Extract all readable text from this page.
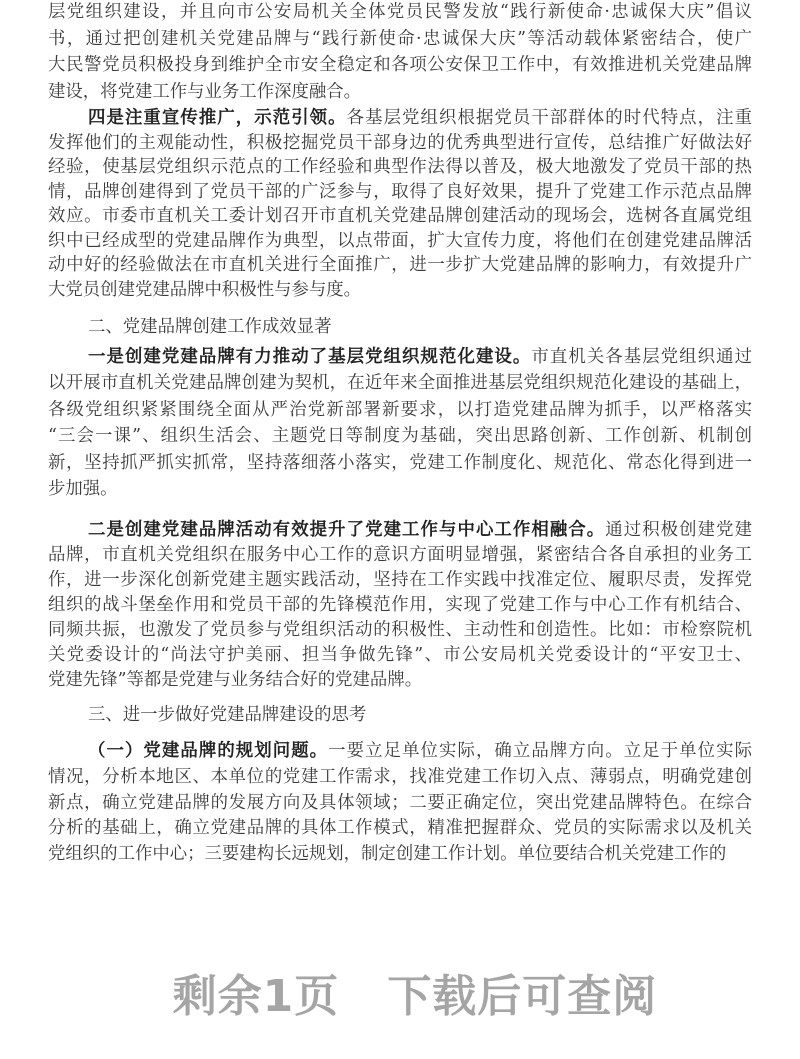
层党组织建设，并且向市公安局机关全体党员民警发放“践行新使命·忠诚保大庆”倡议
书，通过把创建机关党建品牌与“践行新使命·忠诚保大庆”等活动载体紧密结合，使广
大民警党员积极投身到维护全市安全稳定和各项公安保卫工作中，有效推进机关党建品牌
建设，将党建工作与业务工作深度融合。
四是注重宣传推广，示范引领。各基层党组织根据党员干部群体的时代特点，注重
发挥他们的主观能动性，积极挖掘党员干部身边的优秀典型进行宣传，总结推广好做法好
经验，使基层党组织示范点的工作经验和典型作法得以普及，极大地激发了党员干部的热
情，品牌创建得到了党员干部的广泛参与，取得了良好效果，提升了党建工作示范点品牌
效应。市委市直机关工委计划召开市直机关党建品牌创建活动的现场会，选树各直属党组
织中已经成型的党建品牌作为典型，以点带面，扩大宣传力度，将他们在创建党建品牌活
动中好的经验做法在市直机关进行全面推广，进一步扩大党建品牌的影响力，有效提升广
大党员创建党建品牌中积极性与参与度。
二、党建品牌创建工作成效显著
一是创建党建品牌有力推动了基层党组织规范化建设。市直机关各基层党组织通过
以开展市直机关党建品牌创建为契机，在近年来全面推进基层党组织规范化建设的基础上，
各级党组织紧紧围绕全面从严治党新部署新要求，以打造党建品牌为抓手，以严格落实
“三会一课”、组织生活会、主题党日等制度为基础，突出思路创新、工作创新、机制创
新，坚持抓严抓实抓常，坚持落细落小落实，党建工作制度化、规范化、常态化得到进一
步加强。
二是创建党建品牌活动有效提升了党建工作与中心工作相融合。通过积极创建党建
品牌，市直机关党组织在服务中心工作的意识方面明显增强，紧密结合各自承担的业务工
作，进一步深化创新党建主题实践活动，坚持在工作实践中找准定位、履职尽责，发挥党
组织的战斗堡垒作用和党员干部的先锋模范作用，实现了党建工作与中心工作有机结合、
同频共振，也激发了党员参与党组织活动的积极性、主动性和创造性。比如：市检察院机
关党委设计的“尚法守护美丽、担当争做先锋”、市公安局机关党委设计的“平安卫士、
党建先锋”等都是党建与业务结合好的党建品牌。
三、进一步做好党建品牌建设的思考
（一）党建品牌的规划问题。一要立足单位实际，确立品牌方向。立足于单位实际
情况，分析本地区、本单位的党建工作需求，找准党建工作切入点、薄弱点，明确党建创
新点，确立党建品牌的发展方向及具体领域；二要正确定位，突出党建品牌特色。在综合
分析的基础上，确立党建品牌的具体工作模式，精准把握群众、党员的实际需求以及机关
党组织的工作中心；三要建构长远规划，制定创建工作计划。单位要结合机关党建工作的
剩余1页 下载后可查阅
